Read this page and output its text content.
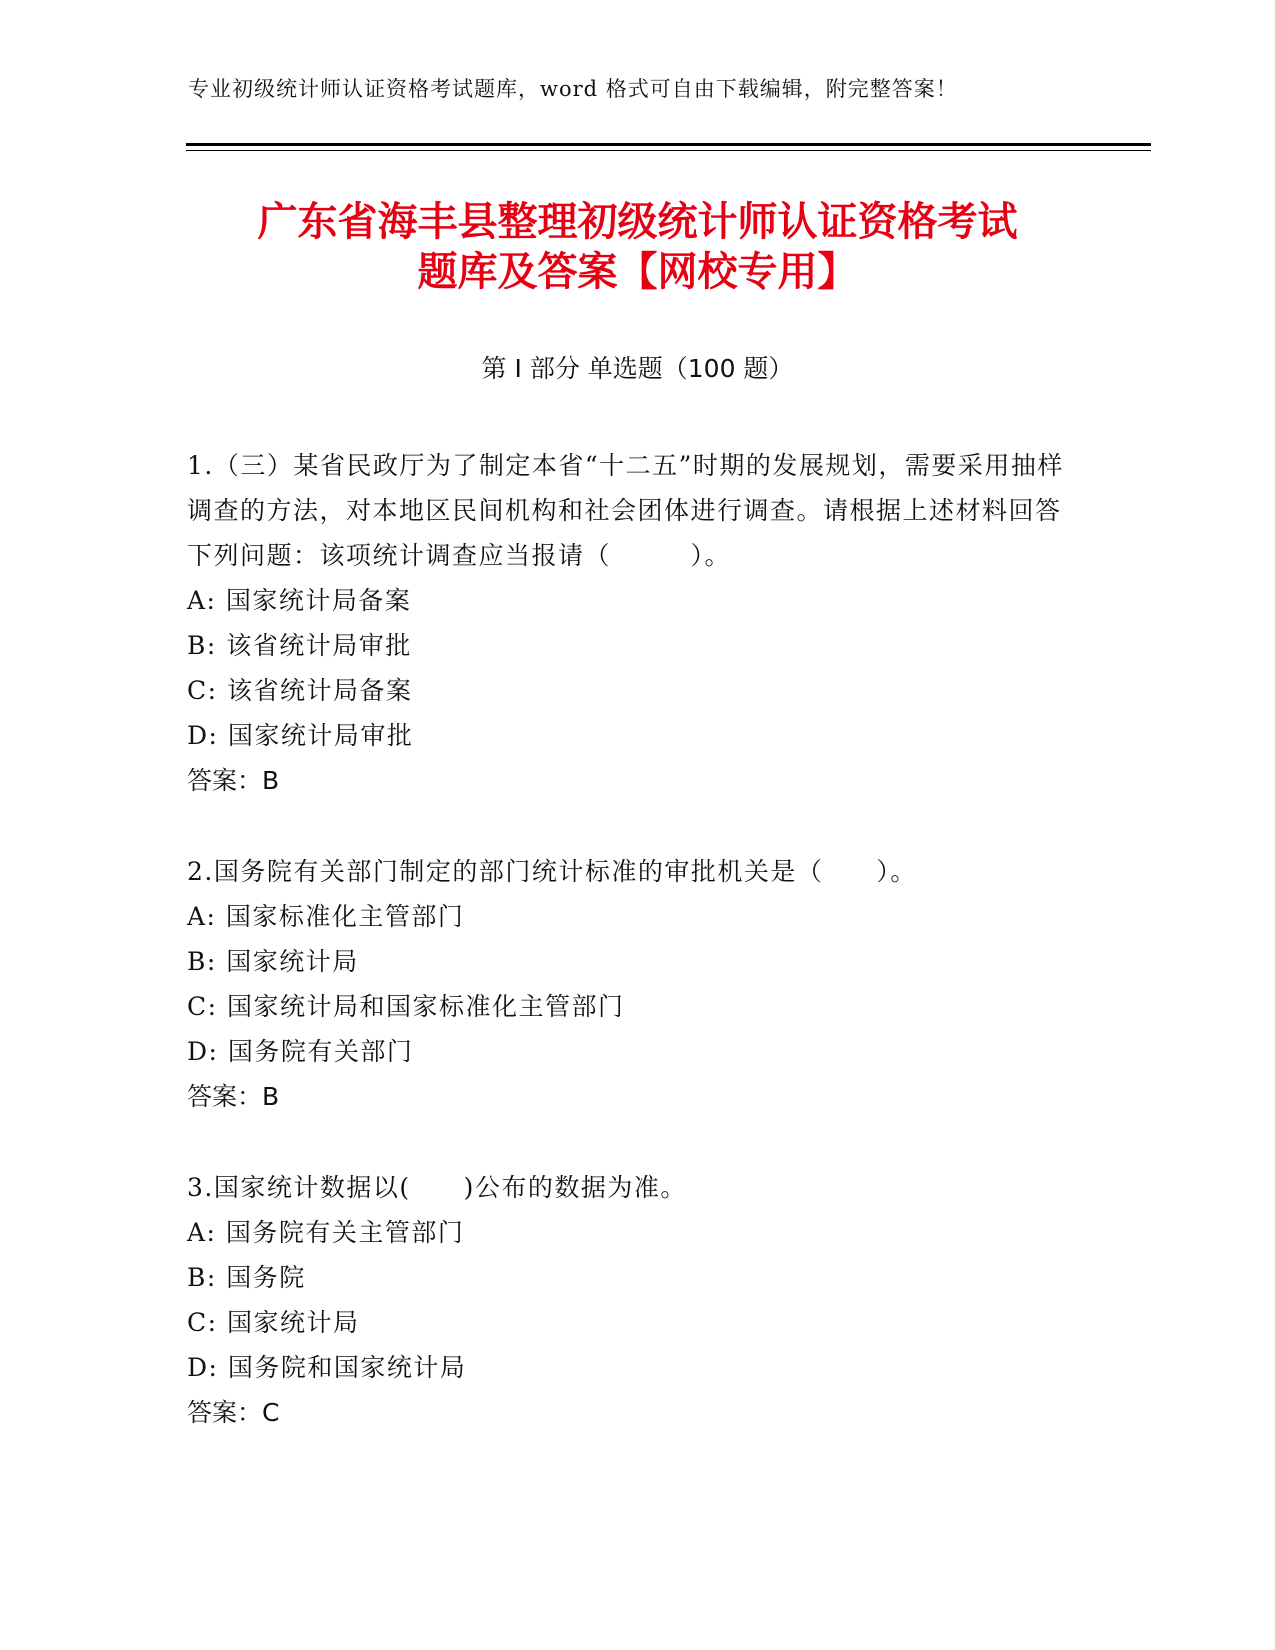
专业初级统计师认证资格考试题库，word 格式可自由下载编辑，附完整答案！
广东省海丰县整理初级统计师认证资格考试
题库及答案【网校专用】
第 I 部分 单选题（100 题）

1.（三）某省民政厅为了制定本省“十二五”时期的发展规划，需要采用抽样调查的方法，对本地区民间机构和社会团体进行调查。请根据上述材料回答下列问题：该项统计调查应当报请（　　　）。

A: 国家统计局备案
B: 该省统计局审批
C: 该省统计局备案
D: 国家统计局审批
答案：B

2.国务院有关部门制定的部门统计标准的审批机关是（　　）。

A: 国家标准化主管部门
B: 国家统计局
C: 国家统计局和国家标准化主管部门
D: 国务院有关部门
答案：B

3.国家统计数据以(　　)公布的数据为准。

A: 国务院有关主管部门
B: 国务院
C: 国家统计局
D: 国务院和国家统计局
答案：C
